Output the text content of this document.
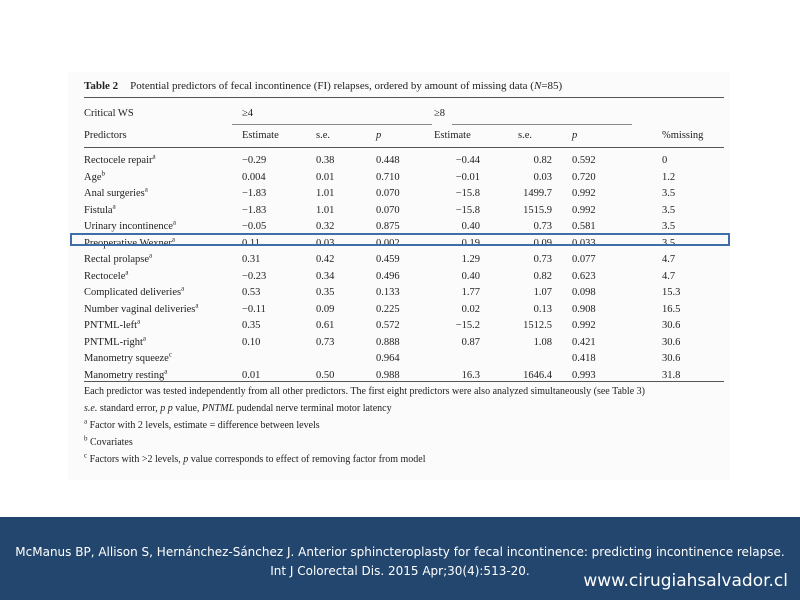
Table 2 Potential predictors of fecal incontinence (FI) relapses, ordered by amount of missing data (N=85)
Critical WS	≥4			≥8			
Predictors	Estimate	s.e.	p	Estimate	s.e.	p	%missing

Rectocele repair$^a$	−0.29	0.38	0.448	−0.44	0.82	0.592	0
Age$^b$	0.004	0.01	0.710	−0.01	0.03	0.720	1.2
Anal surgeries$^a$	−1.83	1.01	0.070	−15.8	1499.7	0.992	3.5
Fistula$^a$	−1.83	1.01	0.070	−15.8	1515.9	0.992	3.5
Urinary incontinence$^a$	−0.05	0.32	0.875	0.40	0.73	0.581	3.5
Preoperative Wexner$^a$	0.11	0.03	0.002	0.19	0.09	0.033	3.5
Rectal prolapse$^a$	0.31	0.42	0.459	1.29	0.73	0.077	4.7
Rectocele$^a$	−0.23	0.34	0.496	0.40	0.82	0.623	4.7
Complicated deliveries$^a$	0.53	0.35	0.133	1.77	1.07	0.098	15.3
Number vaginal deliveries$^a$	−0.11	0.09	0.225	0.02	0.13	0.908	16.5
PNTML-left$^a$	0.35	0.61	0.572	−15.2	1512.5	0.992	30.6
PNTML-right$^a$	0.10	0.73	0.888	0.87	1.08	0.421	30.6
Manometry squeeze$^c$			0.964			0.418	30.6
Manometry resting$^a$	0.01	0.50	0.988	16.3	1646.4	0.993	31.8
Each predictor was tested independently from all other predictors. The first eight predictors were also analyzed simultaneously (see Table 3)
s.e. standard error, p p value, PNTML pudendal nerve terminal motor latency
$^a$ Factor with 2 levels, estimate = difference between levels
$^b$ Covariates
$^c$ Factors with >2 levels, p value corresponds to effect of removing factor from model
McManus BP, Allison S, Hernánchez-Sánchez J. Anterior sphincteroplasty for fecal incontinence: predicting incontinence relapse. Int J Colorectal Dis. 2015 Apr;30(4):513-20.	www.cirugiahsalvador.cl
